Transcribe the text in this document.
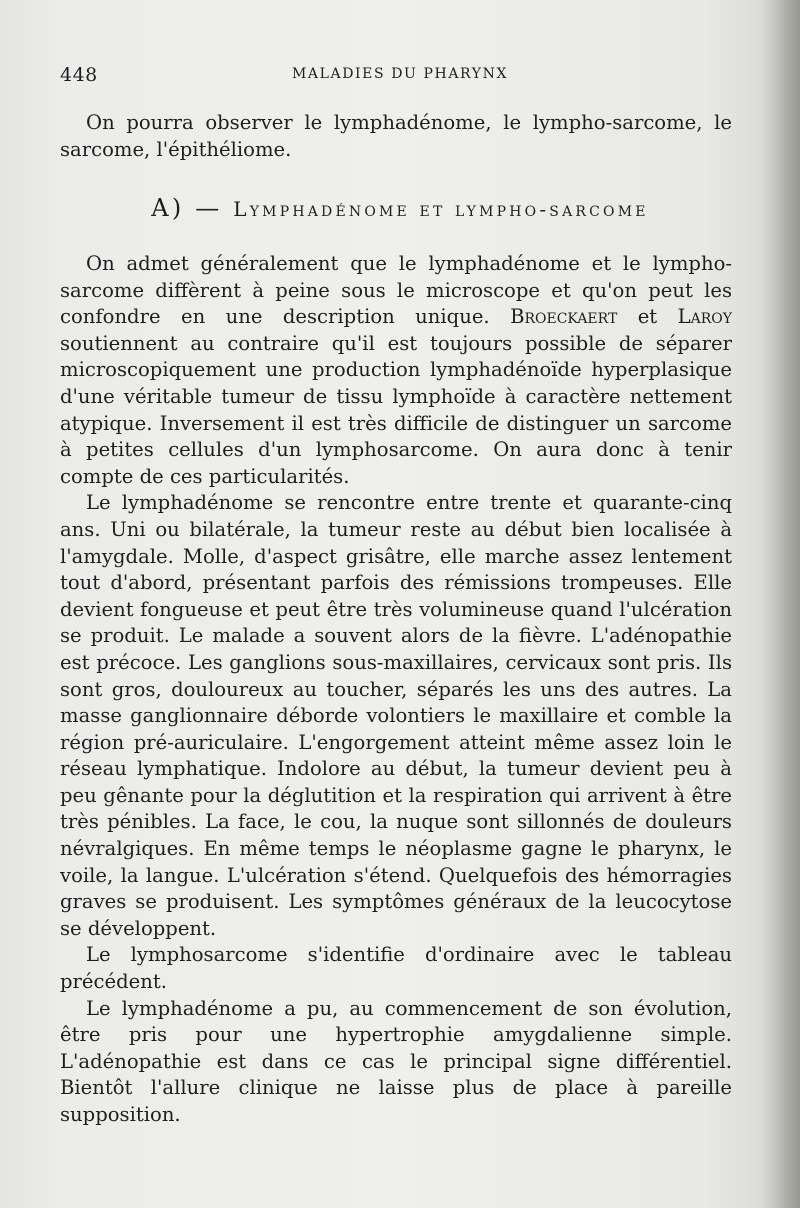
448	MALADIES DU PHARYNX

On pourra observer le lymphadénome, le lympho-sarcome, le sarcome, l'épithéliome.

A) — Lymphadénome et lympho-sarcome

On admet généralement que le lymphadénome et le lympho-sarcome diffèrent à peine sous le microscope et qu'on peut les confondre en une description unique. Broeckaert et Laroy soutiennent au contraire qu'il est toujours possible de séparer microscopiquement une production lymphadénoïde hyperplasique d'une véritable tumeur de tissu lymphoïde à caractère nettement atypique. Inversement il est très difficile de distinguer un sarcome à petites cellules d'un lymphosarcome. On aura donc à tenir compte de ces particularités.

Le lymphadénome se rencontre entre trente et quarante-cinq ans. Uni ou bilatérale, la tumeur reste au début bien localisée à l'amygdale. Molle, d'aspect grisâtre, elle marche assez lentement tout d'abord, présentant parfois des rémissions trompeuses. Elle devient fongueuse et peut être très volumineuse quand l'ulcération se produit. Le malade a souvent alors de la fièvre. L'adénopathie est précoce. Les ganglions sous-maxillaires, cervicaux sont pris. Ils sont gros, douloureux au toucher, séparés les uns des autres. La masse ganglionnaire déborde volontiers le maxillaire et comble la région pré-auriculaire. L'engorgement atteint même assez loin le réseau lymphatique. Indolore au début, la tumeur devient peu à peu gênante pour la déglutition et la respiration qui arrivent à être très pénibles. La face, le cou, la nuque sont sillonnés de douleurs névralgiques. En même temps le néoplasme gagne le pharynx, le voile, la langue. L'ulcération s'étend. Quelquefois des hémorragies graves se produisent. Les symptômes généraux de la leucocytose se développent.

Le lymphosarcome s'identifie d'ordinaire avec le tableau précédent.

Le lymphadénome a pu, au commencement de son évolution, être pris pour une hypertrophie amygdalienne simple. L'adénopathie est dans ce cas le principal signe différentiel. Bientôt l'allure clinique ne laisse plus de place à pareille supposition.
